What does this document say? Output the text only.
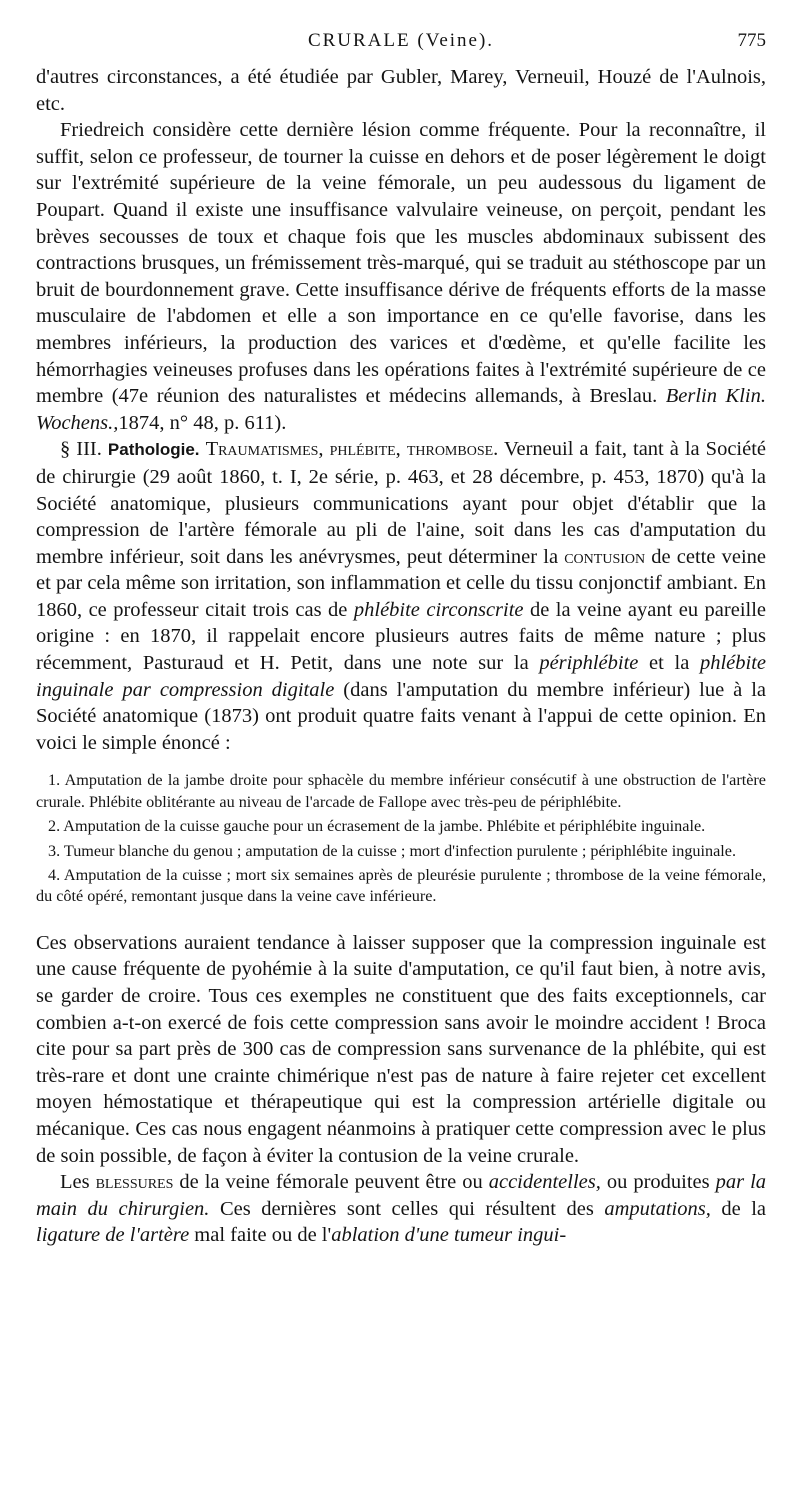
CRURALE (Veine).	775

d'autres circonstances, a été étudiée par Gubler, Marey, Verneuil, Houzé de l'Aulnois, etc.

Friedreich considère cette dernière lésion comme fréquente. Pour la reconnaître, il suffit, selon ce professeur, de tourner la cuisse en dehors et de poser légèrement le doigt sur l'extrémité supérieure de la veine fémorale, un peu audessous du ligament de Poupart. Quand il existe une insuffisance valvulaire veineuse, on perçoit, pendant les brèves secousses de toux et chaque fois que les muscles abdominaux subissent des contractions brusques, un frémissement très-marqué, qui se traduit au stéthoscope par un bruit de bourdonnement grave. Cette insuffisance dérive de fréquents efforts de la masse musculaire de l'abdomen et elle a son importance en ce qu'elle favorise, dans les membres inférieurs, la production des varices et d'œdème, et qu'elle facilite les hémorrhagies veineuses profuses dans les opérations faites à l'extrémité supérieure de ce membre (47e réunion des naturalistes et médecins allemands, à Breslau. Berlin Klin. Wochens.,1874, n° 48, p. 611).

§ III. Pathologie. Traumatismes, phlébite, thrombose. Verneuil a fait, tant à la Société de chirurgie (29 août 1860, t. I, 2e série, p. 463, et 28 décembre, p. 453, 1870) qu'à la Société anatomique, plusieurs communications ayant pour objet d'établir que la compression de l'artère fémorale au pli de l'aine, soit dans les cas d'amputation du membre inférieur, soit dans les anévrysmes, peut déterminer la contusion de cette veine et par cela même son irritation, son inflammation et celle du tissu conjonctif ambiant. En 1860, ce professeur citait trois cas de phlébite circonscrite de la veine ayant eu pareille origine : en 1870, il rappelait encore plusieurs autres faits de même nature ; plus récemment, Pasturaud et H. Petit, dans une note sur la périphlébite et la phlébite inguinale par compression digitale (dans l'amputation du membre inférieur) lue à la Société anatomique (1873) ont produit quatre faits venant à l'appui de cette opinion. En voici le simple énoncé :

1. Amputation de la jambe droite pour sphacèle du membre inférieur consécutif à une obstruction de l'artère crurale. Phlébite oblitérante au niveau de l'arcade de Fallope avec très-peu de périphlébite.

2. Amputation de la cuisse gauche pour un écrasement de la jambe. Phlébite et périphlébite inguinale.

3. Tumeur blanche du genou ; amputation de la cuisse ; mort d'infection purulente ; périphlébite inguinale.

4. Amputation de la cuisse ; mort six semaines après de pleurésie purulente ; thrombose de la veine fémorale, du côté opéré, remontant jusque dans la veine cave inférieure.

Ces observations auraient tendance à laisser supposer que la compression inguinale est une cause fréquente de pyohémie à la suite d'amputation, ce qu'il faut bien, à notre avis, se garder de croire. Tous ces exemples ne constituent que des faits exceptionnels, car combien a-t-on exercé de fois cette compression sans avoir le moindre accident ! Broca cite pour sa part près de 300 cas de compression sans survenance de la phlébite, qui est très-rare et dont une crainte chimérique n'est pas de nature à faire rejeter cet excellent moyen hémostatique et thérapeutique qui est la compression artérielle digitale ou mécanique. Ces cas nous engagent néanmoins à pratiquer cette compression avec le plus de soin possible, de façon à éviter la contusion de la veine crurale.

Les blessures de la veine fémorale peuvent être ou accidentelles, ou produites par la main du chirurgien. Ces dernières sont celles qui résultent des amputations, de la ligature de l'artère mal faite ou de l'ablation d'une tumeur ingui-
